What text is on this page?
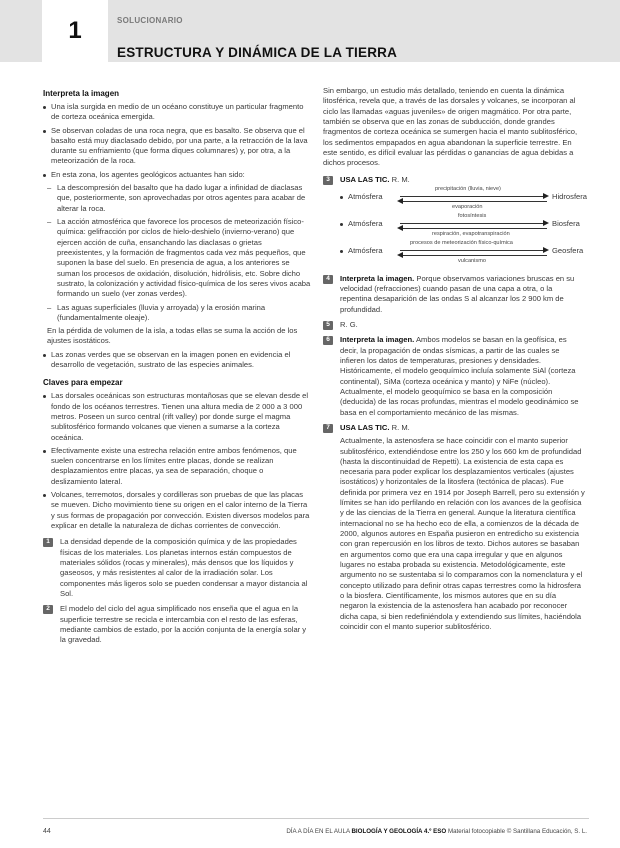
1	SOLUCIONARIO
ESTRUCTURA Y DINÁMICA DE LA TIERRA
Interpreta la imagen

Una isla surgida en medio de un océano constituye un particular fragmento de corteza oceánica emergida.

Se observan coladas de una roca negra, que es basalto. Se observa que el basalto está muy diaclasado debido, por una parte, a la retracción de la lava durante su enfriamiento (que forma diques columnares) y, por otra, a la meteorización de la roca.

En esta zona, los agentes geológicos actuantes han sido:

– La descompresión del basalto que ha dado lugar a infinidad de diaclasas que, posteriormente, son aprovechadas por otros agentes para acabar de alterar la roca.

– La acción atmosférica que favorece los procesos de meteorización físico-química: gelifracción por ciclos de hielo-deshielo (invierno-verano) que ejercen acción de cuña, ensanchando las diaclasas o grietas preexistentes, y la formación de fragmentos cada vez más pequeños, que suponen la base del suelo. En presencia de agua, a los anteriores se suman los procesos de oxidación, disolución, hidrólisis, etc. Sobre dicho sustrato, la colonización y actividad físico-química de los seres vivos acaba formando un suelo (ver zonas verdes).

– Las aguas superficiales (lluvia y arroyada) y la erosión marina (fundamentalmente oleaje).

En la pérdida de volumen de la isla, a todas ellas se suma la acción de los ajustes isostáticos.

Las zonas verdes que se observan en la imagen ponen en evidencia el desarrollo de vegetación, sustrato de las especies animales.

Claves para empezar

Las dorsales oceánicas son estructuras montañosas que se elevan desde el fondo de los océanos terrestres. Tienen una altura media de 2 000 a 3 000 metros. Poseen un surco central (rift valley) por donde surge el magma sublitosférico formando volcanes que vienen a sumarse a la corteza oceánica.

Efectivamente existe una estrecha relación entre ambos fenómenos, que suelen concentrarse en los límites entre placas, donde se realizan desplazamientos entre placas, ya sea de separación, choque o deslizamiento lateral.

Volcanes, terremotos, dorsales y cordilleras son pruebas de que las placas se mueven. Dicho movimiento tiene su origen en el calor interno de la Tierra y sus formas de propagación por convección. Existen diversos modelos para explicar en detalle la naturaleza de dichas corrientes de convección.

1	La densidad depende de la composición química y de las propiedades físicas de los materiales. Los planetas internos están compuestos de materiales sólidos (rocas y minerales), más densos que los líquidos y gaseosos, y más resistentes al calor de la irradiación solar. Los componentes más ligeros solo se pueden condensar a mayor distancia al Sol.
2	El modelo del ciclo del agua simplificado nos enseña que el agua en la superficie terrestre se recicla e intercambia con el resto de las esferas, mediante cambios de estado, por la acción conjunta de la energía solar y la gravedad.

Sin embargo, un estudio más detallado, teniendo en cuenta la dinámica litosférica, revela que, a través de las dorsales y volcanes, se incorporan al ciclo las llamadas «aguas juveniles» de origen magmático. Por otra parte, también se observa que en las zonas de subducción, donde grandes fragmentos de corteza oceánica se sumergen hacia el manto sublitosférico, los sedimentos empapados en agua abandonan la superficie terrestre. En este sentido, es difícil evaluar las pérdidas o ganancias de agua debidas a dichos procesos.

3	USA LAS TIC. R. M.
Atmósfera
precipitación (lluvia, nieve)
evaporación
Hidrosfera
Atmósfera
fotosíntesis
respiración, evapotranspiración
Biosfera
Atmósfera
procesos de meteorización físico-química
vulcanismo
Geosfera
4	Interpreta la imagen. Porque observamos variaciones bruscas en su velocidad (refracciones) cuando pasan de una capa a otra, o la repentina desaparición de las ondas S al alcanzar los 2 900 km de profundidad.
5	R. G.
6	Interpreta la imagen. Ambos modelos se basan en la geofísica, es decir, la propagación de ondas sísmicas, a partir de las cuales se infieren los datos de temperaturas, presiones y densidades. Históricamente, el modelo geoquímico incluía solamente SiAl (corteza continental), SiMa (corteza oceánica y manto) y NiFe (núcleo). Actualmente, el modelo geoquímico se basa en la composición (deducida) de las rocas profundas, mientras el modelo geodinámico se basa en el comportamiento mecánico de las mismas.
7	USA LAS TIC. R. M.

Actualmente, la astenosfera se hace coincidir con el manto superior sublitosférico, extendiéndose entre los 250 y los 660 km de profundidad (hasta la discontinuidad de Repetti). La existencia de esta capa es necesaria para poder explicar los desplazamientos verticales (ajustes isostáticos) y horizontales de la litosfera (tectónica de placas). Fue definida por primera vez en 1914 por Joseph Barrell, pero su extensión y límites se han ido perfilando en relación con los avances de la geofísica y de las ciencias de la Tierra en general. Aunque la literatura científica internacional no se ha hecho eco de ella, a comienzos de la década de 2000, algunos autores en España pusieron en entredicho su existencia con gran repercusión en los libros de texto. Dichos autores se basaban en argumentos como que era una capa irregular y que en algunos lugares no estaba probada su existencia. Metodológicamente, este argumento no se sustentaba si lo comparamos con la nomenclatura y el concepto utilizado para definir otras capas terrestres como la hidrosfera o la biosfera. Científicamente, los mismos autores que en su día negaron la existencia de la astenosfera han acabado por reconocer dicha capa, si bien redefiniéndola y extendiendo sus límites, haciéndola coincidir con el manto superior sublitosférico.

44	DÍA A DÍA EN EL AULA BIOLOGÍA Y GEOLOGÍA 4.º ESO Material fotocopiable © Santillana Educación, S. L.
